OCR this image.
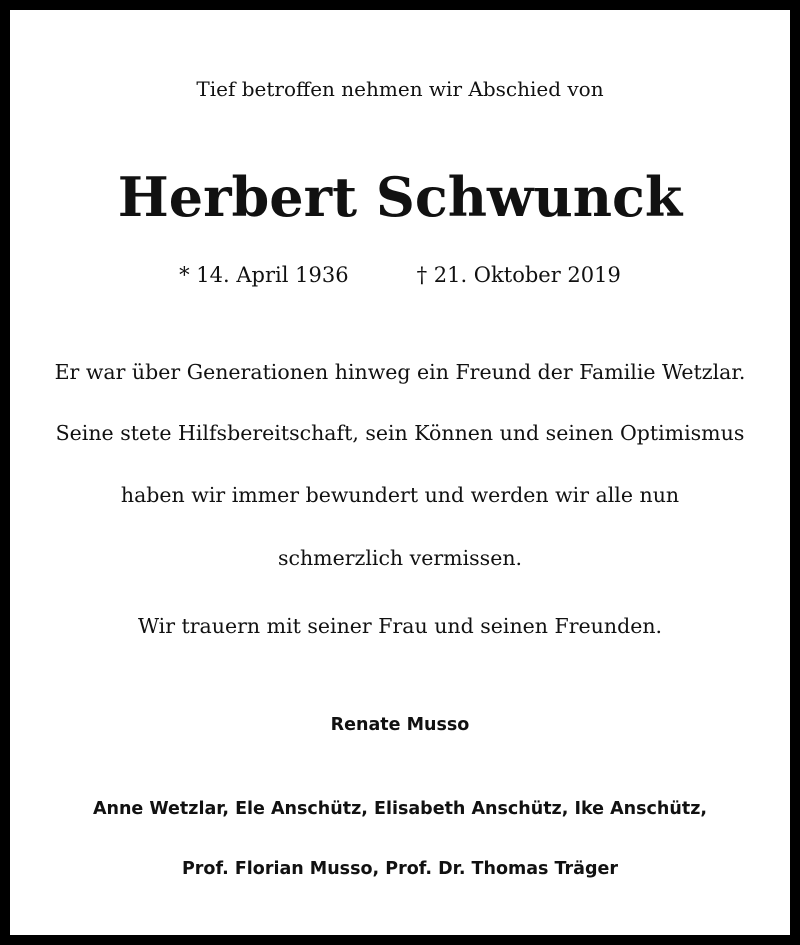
Tief betroffen nehmen wir Abschied von
Herbert Schwunck
* 14. April 1936	† 21. Oktober 2019
Er war über Generationen hinweg ein Freund der Familie Wetzlar.
Seine stete Hilfsbereitschaft, sein Können und seinen Optimismus
haben wir immer bewundert und werden wir alle nun
schmerzlich vermissen.
Wir trauern mit seiner Frau und seinen Freunden.
Renate Musso
Anne Wetzlar, Ele Anschütz, Elisabeth Anschütz, Ike Anschütz,
Prof. Florian Musso, Prof. Dr. Thomas Träger
